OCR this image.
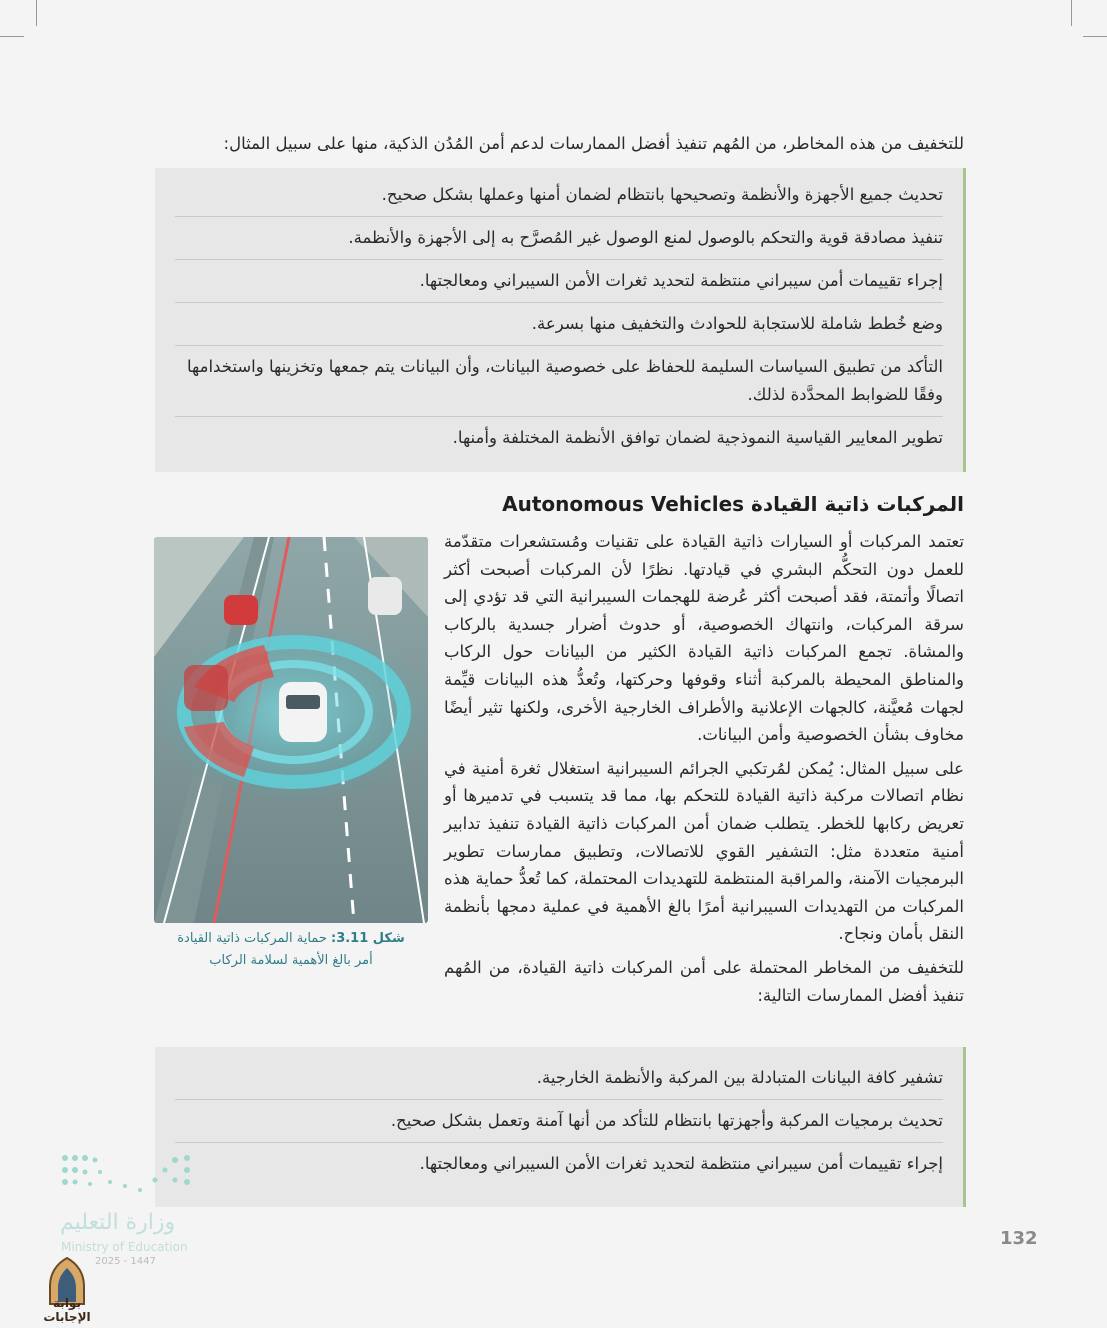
للتخفيف من هذه المخاطر، من المُهم تنفيذ أفضل الممارسات لدعم أمن المُدُن الذكية، منها على سبيل المثال:
تحديث جميع الأجهزة والأنظمة وتصحيحها بانتظام لضمان أمنها وعملها بشكل صحيح.
تنفيذ مصادقة قوية والتحكم بالوصول لمنع الوصول غير المُصرَّح به إلى الأجهزة والأنظمة.
إجراء تقييمات أمن سيبراني منتظمة لتحديد ثغرات الأمن السيبراني ومعالجتها.
وضع خُطط شاملة للاستجابة للحوادث والتخفيف منها بسرعة.
التأكد من تطبيق السياسات السليمة للحفاظ على خصوصية البيانات، وأن البيانات يتم جمعها وتخزينها واستخدامها وفقًا للضوابط المحدَّدة لذلك.
تطوير المعايير القياسية النموذجية لضمان توافق الأنظمة المختلفة وأمنها.
المركبات ذاتية القيادة Autonomous Vehicles

تعتمد المركبات أو السيارات ذاتية القيادة على تقنيات ومُستشعرات متقدّمة للعمل دون التحكُّم البشري في قيادتها. نظرًا لأن المركبات أصبحت أكثر اتصالًا وأتمتة، فقد أصبحت أكثر عُرضة للهجمات السيبرانية التي قد تؤدي إلى سرقة المركبات، وانتهاك الخصوصية، أو حدوث أضرار جسدية بالركاب والمشاة. تجمع المركبات ذاتية القيادة الكثير من البيانات حول الركاب والمناطق المحيطة بالمركبة أثناء وقوفها وحركتها، وتُعدُّ هذه البيانات قيِّمة لجهات مُعيَّنة، كالجهات الإعلانية والأطراف الخارجية الأخرى، ولكنها تثير أيضًا مخاوف بشأن الخصوصية وأمن البيانات.

على سبيل المثال: يُمكن لمُرتكبي الجرائم السيبرانية استغلال ثغرة أمنية في نظام اتصالات مركبة ذاتية القيادة للتحكم بها، مما قد يتسبب في تدميرها أو تعريض ركابها للخطر. يتطلب ضمان أمن المركبات ذاتية القيادة تنفيذ تدابير أمنية متعددة مثل: التشفير القوي للاتصالات، وتطبيق ممارسات تطوير البرمجيات الآمنة، والمراقبة المنتظمة للتهديدات المحتملة، كما تُعدُّ حماية هذه المركبات من التهديدات السيبرانية أمرًا بالغ الأهمية في عملية دمجها بأنظمة النقل بأمان ونجاح.

للتخفيف من المخاطر المحتملة على أمن المركبات ذاتية القيادة، من المُهم تنفيذ أفضل الممارسات التالية:

شكل 3.11: حماية المركبات ذاتية القيادة
أمر بالغ الأهمية لسلامة الركاب
تشفير كافة البيانات المتبادلة بين المركبة والأنظمة الخارجية.
تحديث برمجيات المركبة وأجهزتها بانتظام للتأكد من أنها آمنة وتعمل بشكل صحيح.
إجراء تقييمات أمن سيبراني منتظمة لتحديد ثغرات الأمن السيبراني ومعالجتها.
132
وزارة التعليم
Ministry of Education
2025 - 1447
بوابة الإجابات
